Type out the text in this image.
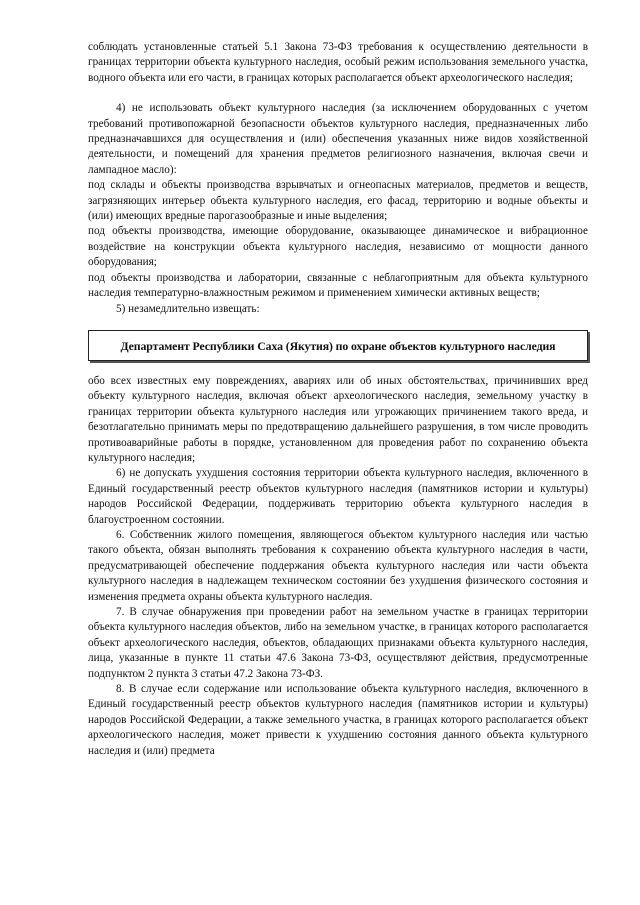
соблюдать установленные статьей 5.1 Закона 73-ФЗ требования к осуществлению деятельности в границах территории объекта культурного наследия, особый режим использования земельного участка, водного объекта или его части, в границах которых располагается объект археологического наследия;

4) не использовать объект культурного наследия (за исключением оборудованных с учетом требований противопожарной безопасности объектов культурного наследия, предназначенных либо предназначавшихся для осуществления и (или) обеспечения указанных ниже видов хозяйственной деятельности, и помещений для хранения предметов религиозного назначения, включая свечи и лампадное масло):

под склады и объекты производства взрывчатых и огнеопасных материалов, предметов и веществ, загрязняющих интерьер объекта культурного наследия, его фасад, территорию и водные объекты и (или) имеющих вредные парогазообразные и иные выделения;

под объекты производства, имеющие оборудование, оказывающее динамическое и вибрационное воздействие на конструкции объекта культурного наследия, независимо от мощности данного оборудования;

под объекты производства и лаборатории, связанные с неблагоприятным для объекта культурного наследия температурно-влажностным режимом и применением химически активных веществ;

5) незамедлительно извещать:

Департамент Республики Саха (Якутия) по охране объектов культурного наследия

обо всех известных ему повреждениях, авариях или об иных обстоятельствах, причинивших вред объекту культурного наследия, включая объект археологического наследия, земельному участку в границах территории объекта культурного наследия или угрожающих причинением такого вреда, и безотлагательно принимать меры по предотвращению дальнейшего разрушения, в том числе проводить противоаварийные работы в порядке, установленном для проведения работ по сохранению объекта культурного наследия;

6) не допускать ухудшения состояния территории объекта культурного наследия, включенного в Единый государственный реестр объектов культурного наследия (памятников истории и культуры) народов Российской Федерации, поддерживать территорию объекта культурного наследия в благоустроенном состоянии.

6. Собственник жилого помещения, являющегося объектом культурного наследия или частью такого объекта, обязан выполнять требования к сохранению объекта культурного наследия в части, предусматривающей обеспечение поддержания объекта культурного наследия или части объекта культурного наследия в надлежащем техническом состоянии без ухудшения физического состояния и изменения предмета охраны объекта культурного наследия.

7. В случае обнаружения при проведении работ на земельном участке в границах территории объекта культурного наследия объектов, либо на земельном участке, в границах которого располагается объект археологического наследия, объектов, обладающих признаками объекта культурного наследия, лица, указанные в пункте 11 статьи 47.6 Закона 73-ФЗ, осуществляют действия, предусмотренные подпунктом 2 пункта 3 статьи 47.2 Закона 73-ФЗ.

8. В случае если содержание или использование объекта культурного наследия, включенного в Единый государственный реестр объектов культурного наследия (памятников истории и культуры) народов Российской Федерации, а также земельного участка, в границах которого располагается объект археологического наследия, может привести к ухудшению состояния данного объекта культурного наследия и (или) предмета
